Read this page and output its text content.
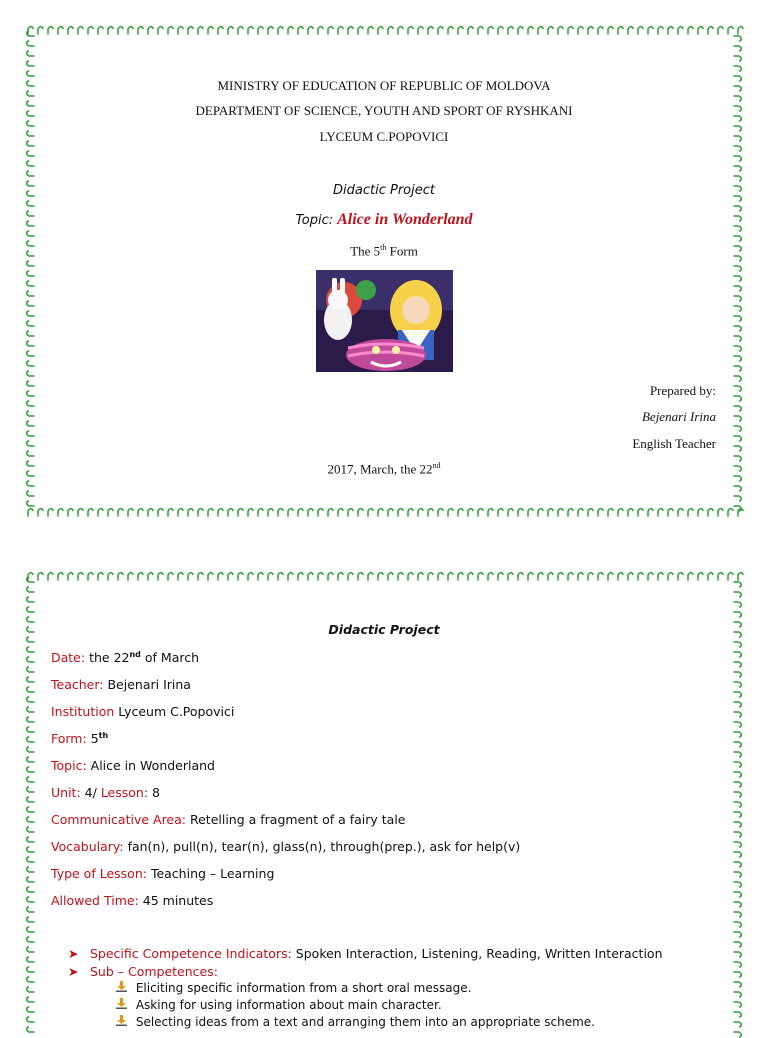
MINISTRY OF EDUCATION OF REPUBLIC OF MOLDOVA
DEPARTMENT OF SCIENCE, YOUTH AND SPORT OF RYSHKANI
LYCEUM C.POPOVICI
Didactic Project
Topic: Alice in Wonderland
The 5th Form
Prepared by:
Bejenari Irina
English Teacher
2017, March, the 22nd
Didactic Project
Date: the 22nd of March
Teacher: Bejenari Irina
Institution Lyceum C.Popovici
Form: 5th
Topic: Alice in Wonderland
Unit: 4/ Lesson: 8
Communicative Area: Retelling a fragment of a fairy tale
Vocabulary: fan(n), pull(n), tear(n), glass(n), through(prep.), ask for help(v)
Type of Lesson: Teaching – Learning
Allowed Time: 45 minutes
➤ Specific Competence Indicators: Spoken Interaction, Listening, Reading, Written Interaction
➤ Sub – Competences:
Eliciting specific information from a short oral message.
Asking for using information about main character.
Selecting ideas from a text and arranging them into an appropriate scheme.
